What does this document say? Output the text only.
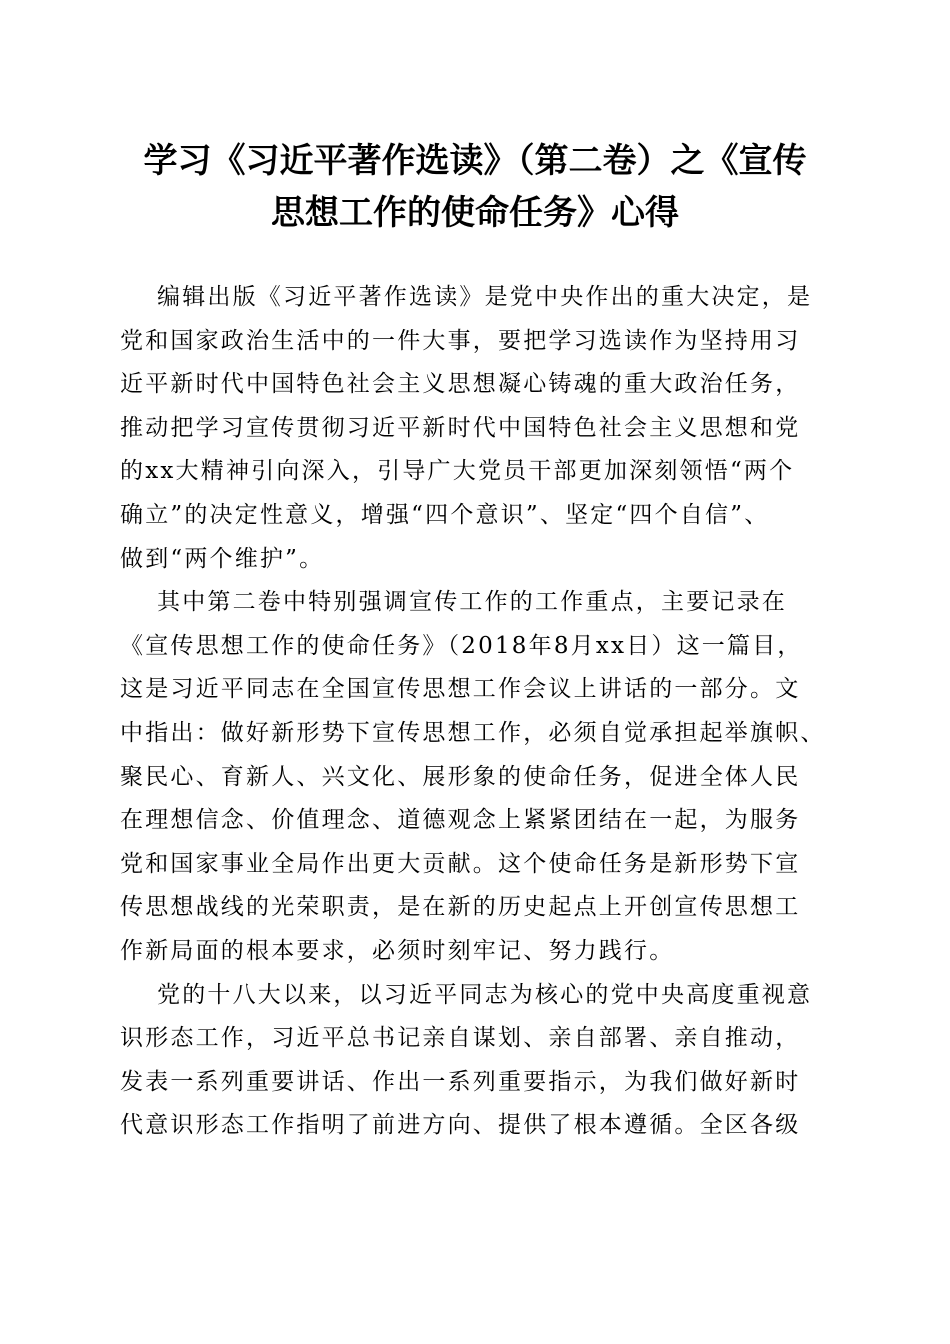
学习《习近平著作选读》（第二卷）之《宣传
思想工作的使命任务》心得
编辑出版《习近平著作选读》是党中央作出的重大决定，是
党和国家政治生活中的一件大事，要把学习选读作为坚持用习
近平新时代中国特色社会主义思想凝心铸魂的重大政治任务，
推动把学习宣传贯彻习近平新时代中国特色社会主义思想和党
的xx大精神引向深入，引导广大党员干部更加深刻领悟“两个
确立”的决定性意义，增强“四个意识”、坚定“四个自信”、
做到“两个维护”。
其中第二卷中特别强调宣传工作的工作重点，主要记录在
《宣传思想工作的使命任务》（2018年8月xx日）这一篇目，
这是习近平同志在全国宣传思想工作会议上讲话的一部分。文
中指出：做好新形势下宣传思想工作，必须自觉承担起举旗帜、
聚民心、育新人、兴文化、展形象的使命任务，促进全体人民
在理想信念、价值理念、道德观念上紧紧团结在一起，为服务
党和国家事业全局作出更大贡献。这个使命任务是新形势下宣
传思想战线的光荣职责，是在新的历史起点上开创宣传思想工
作新局面的根本要求，必须时刻牢记、努力践行。
党的十八大以来，以习近平同志为核心的党中央高度重视意
识形态工作，习近平总书记亲自谋划、亲自部署、亲自推动，
发表一系列重要讲话、作出一系列重要指示，为我们做好新时
代意识形态工作指明了前进方向、提供了根本遵循。全区各级
